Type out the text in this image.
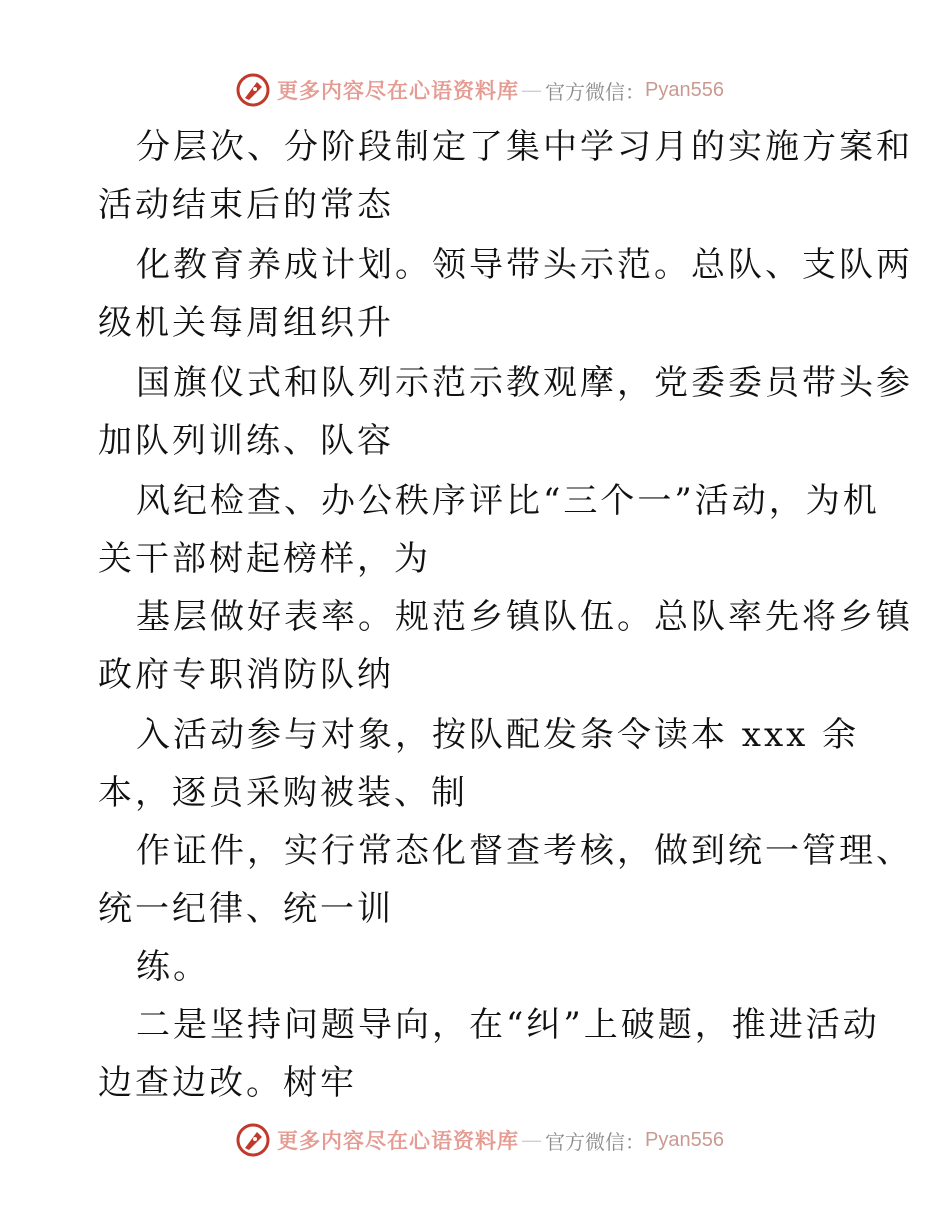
更多内容尽在心语资料库 — 官方微信： Pyan556
分层次、分阶段制定了集中学习月的实施方案和
活动结束后的常态
化教育养成计划。领导带头示范。总队、支队两
级机关每周组织升
国旗仪式和队列示范示教观摩，党委委员带头参
加队列训练、队容
风纪检查、办公秩序评比“三个一”活动，为机
关干部树起榜样，为
基层做好表率。规范乡镇队伍。总队率先将乡镇
政府专职消防队纳
入活动参与对象，按队配发条令读本 xxx 余
本，逐员采购被装、制
作证件，实行常态化督查考核，做到统一管理、
统一纪律、统一训
练。
二是坚持问题导向，在“纠”上破题，推进活动
边查边改。树牢
更多内容尽在心语资料库 — 官方微信： Pyan556
